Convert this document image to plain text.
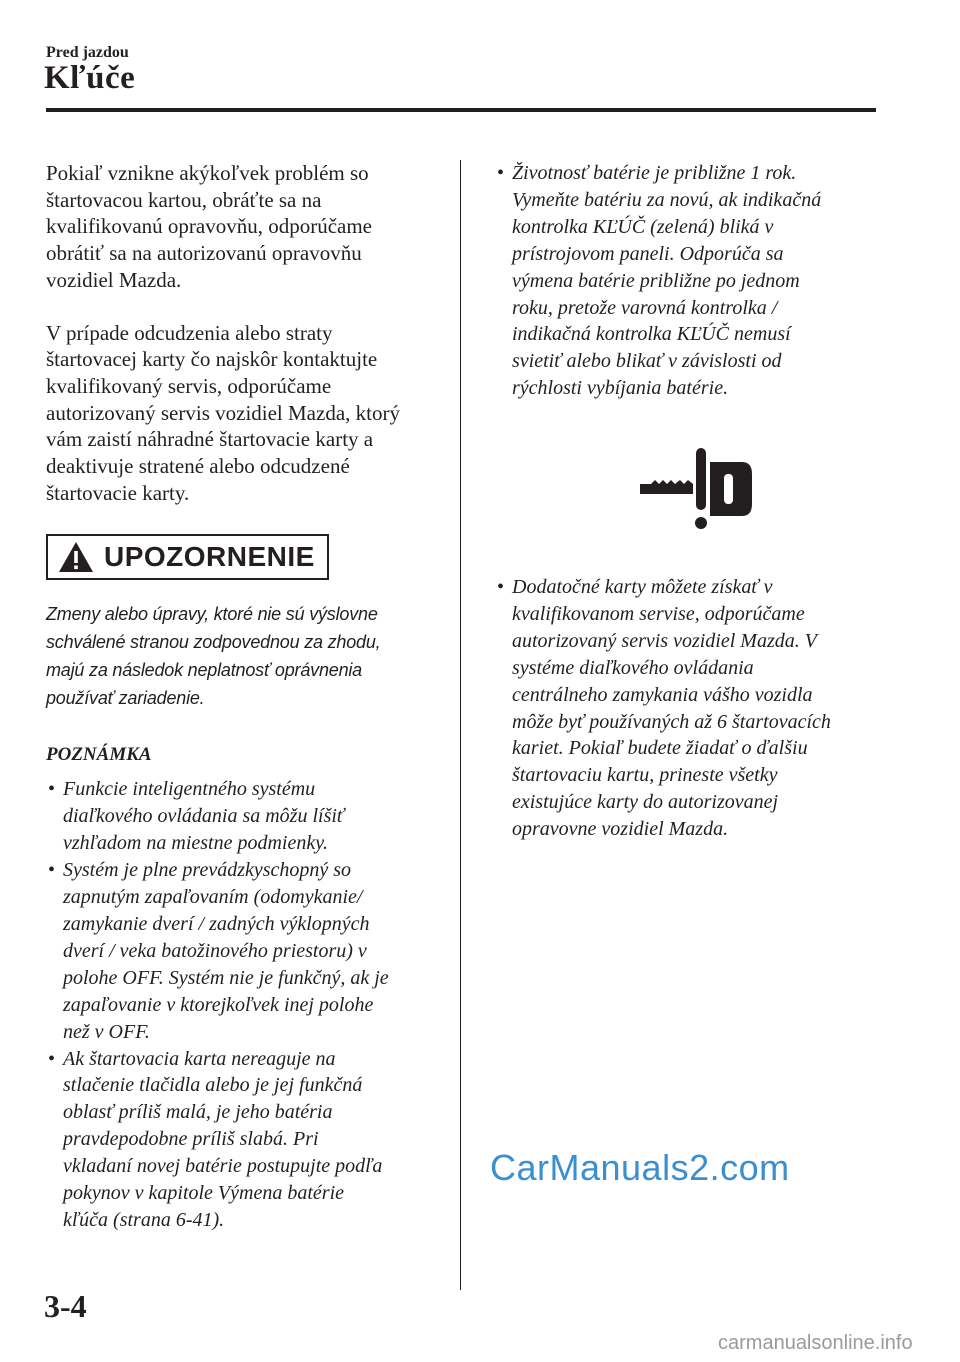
Pred jazdou
Kľúče

Pokiaľ vznikne akýkoľvek problém so
štartovacou kartou, obráťte sa na
kvalifikovanú opravovňu, odporúčame
obrátiť sa na autorizovanú opravovňu
vozidiel Mazda.

V prípade odcudzenia alebo straty
štartovacej karty čo najskôr kontaktujte
kvalifikovaný servis, odporúčame
autorizovaný servis vozidiel Mazda, ktorý
vám zaistí náhradné štartovacie karty a
deaktivuje stratené alebo odcudzené
štartovacie karty.

UPOZORNENIE

Zmeny alebo úpravy, ktoré nie sú výslovne
schválené stranou zodpovednou za zhodu,
majú za následok neplatnosť oprávnenia
používať zariadenie.

POZNÁMKA
• Funkcie inteligentného systému
diaľkového ovládania sa môžu líšiť
vzhľadom na miestne podmienky.
• Systém je plne prevádzkyschopný so
zapnutým zapaľovaním (odomykanie/
zamykanie dverí / zadných výklopných
dverí / veka batožinového priestoru) v
polohe OFF. Systém nie je funkčný, ak je
zapaľovanie v ktorejkoľvek inej polohe
než v OFF.
• Ak štartovacia karta nereaguje na
stlačenie tlačidla alebo je jej funkčná
oblasť príliš malá, je jeho batéria
pravdepodobne príliš slabá. Pri
vkladaní novej batérie postupujte podľa
pokynov v kapitole Výmena batérie
kľúča (strana 6-41).
• Životnosť batérie je približne 1 rok.
Vymeňte batériu za novú, ak indikačná
kontrolka KĽÚČ (zelená) bliká v
prístrojovom paneli. Odporúča sa
výmena batérie približne po jednom
roku, pretože varovná kontrolka /
indikačná kontrolka KĽÚČ nemusí
svietiť alebo blikať v závislosti od
rýchlosti vybíjania batérie.
• Dodatočné karty môžete získať v
kvalifikovanom servise, odporúčame
autorizovaný servis vozidiel Mazda. V
systéme diaľkového ovládania
centrálneho zamykania vášho vozidla
môže byť používaných až 6 štartovacích
kariet. Pokiaľ budete žiadať o ďalšiu
štartovaciu kartu, prineste všetky
existujúce karty do autorizovanej
opravovne vozidiel Mazda.
CarManuals2.com
3-4
carmanualsonline.info
